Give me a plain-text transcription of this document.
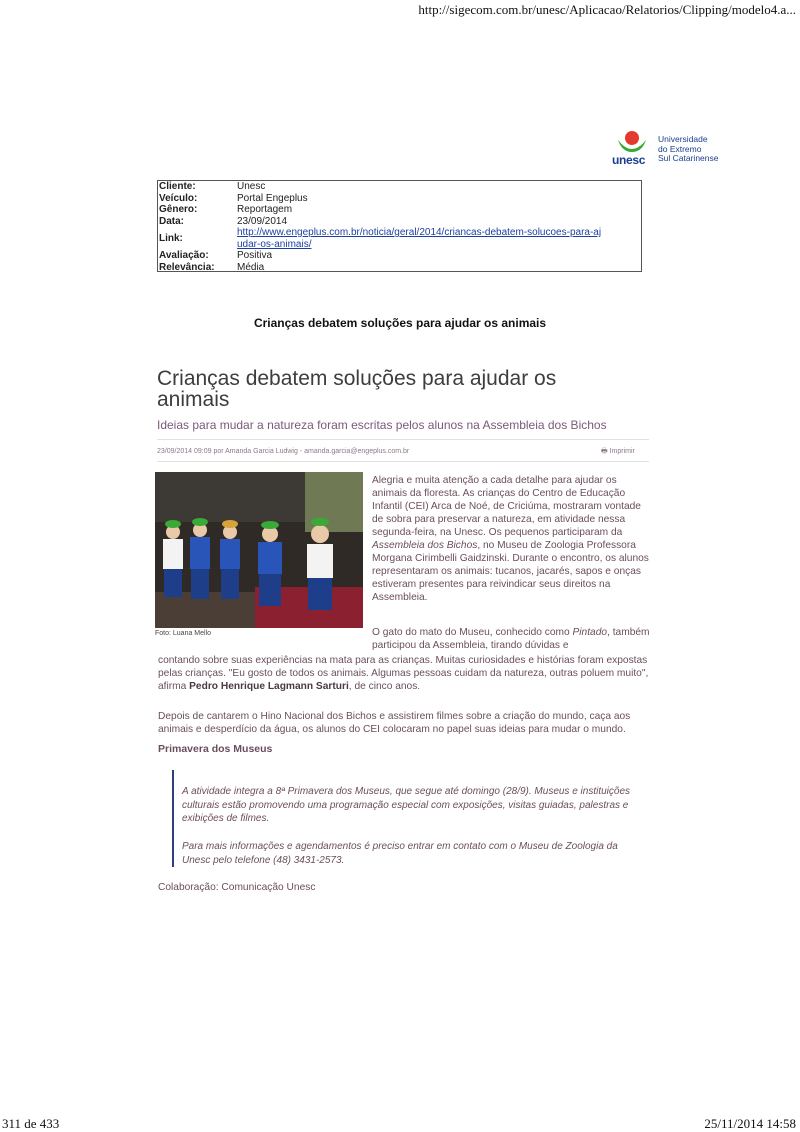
http://sigecom.com.br/unesc/Aplicacao/Relatorios/Clipping/modelo4.a...
unesc
Universidade
do Extremo
Sul Catarinense
Cliente:	Unesc
Veículo:	Portal Engeplus
Gênero:	Reportagem
Data:	23/09/2014
Link:	http://www.engeplus.com.br/noticia/geral/2014/criancas-debatem-solucoes-para-aj
udar-os-animais/
Avaliação:	Positiva
Relevância:	Média
Crianças debatem soluções para ajudar os animais
Crianças debatem soluções para ajudar os animais
Ideias para mudar a natureza foram escritas pelos alunos na Assembleia dos Bichos
23/09/2014 09:09 por Amanda Garcia Ludwig - amanda.garcia@engeplus.com.br	🖶 Imprimir
Foto: Luana Mello
Alegria e muita atenção a cada detalhe para ajudar os animais da floresta. As crianças do Centro de Educação Infantil (CEI) Arca de Noé, de Criciúma, mostraram vontade de sobra para preservar a natureza, em atividade nessa segunda-feira, na Unesc. Os pequenos participaram da Assembleia dos Bichos, no Museu de Zoologia Professora Morgana Cirimbelli Gaidzinski. Durante o encontro, os alunos representaram os animais: tucanos, jacarés, sapos e onças estiveram presentes para reivindicar seus direitos na Assembleia.
O gato do mato do Museu, conhecido como Pintado, também participou da Assembleia, tirando dúvidas e
contando sobre suas experiências na mata para as crianças. Muitas curiosidades e histórias foram expostas pelas crianças. "Eu gosto de todos os animais. Algumas pessoas cuidam da natureza, outras poluem muito", afirma Pedro Henrique Lagmann Sarturi, de cinco anos.
Depois de cantarem o Hino Nacional dos Bichos e assistirem filmes sobre a criação do mundo, caça aos animais e desperdício da água, os alunos do CEI colocaram no papel suas ideias para mudar o mundo.
Primavera dos Museus
A atividade integra a 8ª Primavera dos Museus, que segue até domingo (28/9). Museus e instituições culturais estão promovendo uma programação especial com exposições, visitas guiadas, palestras e exibições de filmes.
Para mais informações e agendamentos é preciso entrar em contato com o Museu de Zoologia da Unesc pelo telefone (48) 3431-2573.
Colaboração: Comunicação Unesc
311 de 433	25/11/2014 14:58
